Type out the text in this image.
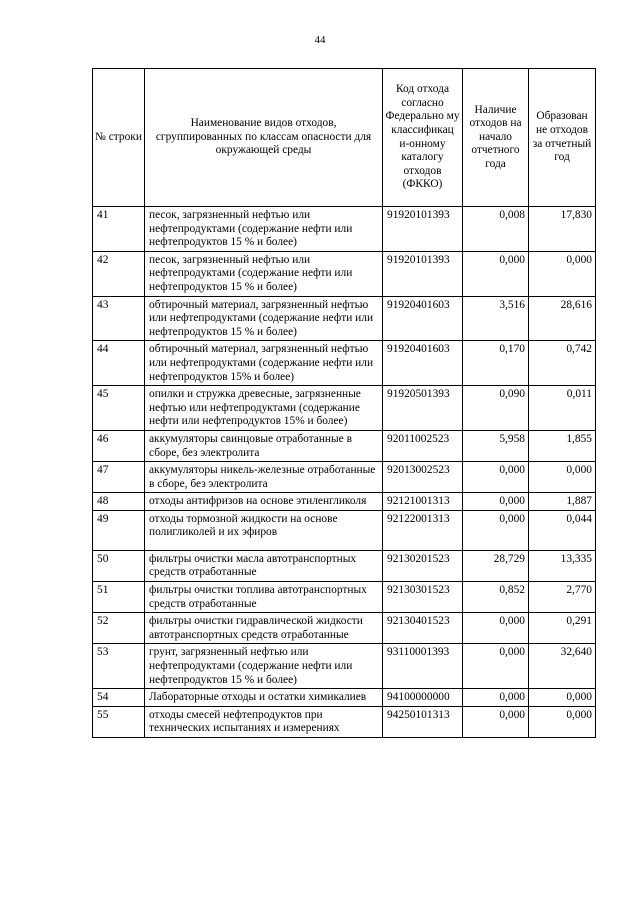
44
№ строки	Наименование видов отходов, сгруппированных по классам опасности для окружающей среды	Код отхода согласно Федерально му классификац и-онному каталогу отходов (ФККО)	Наличие отходов на начало отчетного года	Образован не отходов за отчетный год
41	песок, загрязненный нефтью или нефтепродуктами (содержание нефти или нефтепродуктов 15 % и более)	91920101393	0,008	17,830
42	песок, загрязненный нефтью или нефтепродуктами (содержание нефти или нефтепродуктов 15 % и более)	91920101393	0,000	0,000
43	обтирочный материал, загрязненный нефтью или нефтепродуктами (содержание нефти или нефтепродуктов 15 % и более)	91920401603	3,516	28,616
44	обтирочный материал, загрязненный нефтью или нефтепродуктами (содержание нефти или нефтепродуктов 15% и более)	91920401603	0,170	0,742
45	опилки и стружка древесные, загрязненные нефтью или нефтепродуктами (содержание нефти или нефтепродуктов 15% и более)	91920501393	0,090	0,011
46	аккумуляторы свинцовые отработанные в сборе, без электролита	92011002523	5,958	1,855
47	аккумуляторы никель-железные отработанные в сборе, без электролита	92013002523	0,000	0,000
48	отходы антифризов на основе этиленгликоля	92121001313	0,000	1,887
49	отходы тормозной жидкости на основе полигликолей и их эфиров	92122001313	0,000	0,044
50	фильтры очистки масла автотранспортных средств отработанные	92130201523	28,729	13,335
51	фильтры очистки топлива автотранспортных средств отработанные	92130301523	0,852	2,770
52	фильтры очистки гидравлической жидкости автотранспортных средств отработанные	92130401523	0,000	0,291
53	грунт, загрязненный нефтью или нефтепродуктами (содержание нефти или нефтепродуктов 15 % и более)	93110001393	0,000	32,640
54	Лабораторные отходы и остатки химикалиев	94100000000	0,000	0,000
55	отходы смесей нефтепродуктов при технических испытаниях и измерениях	94250101313	0,000	0,000
